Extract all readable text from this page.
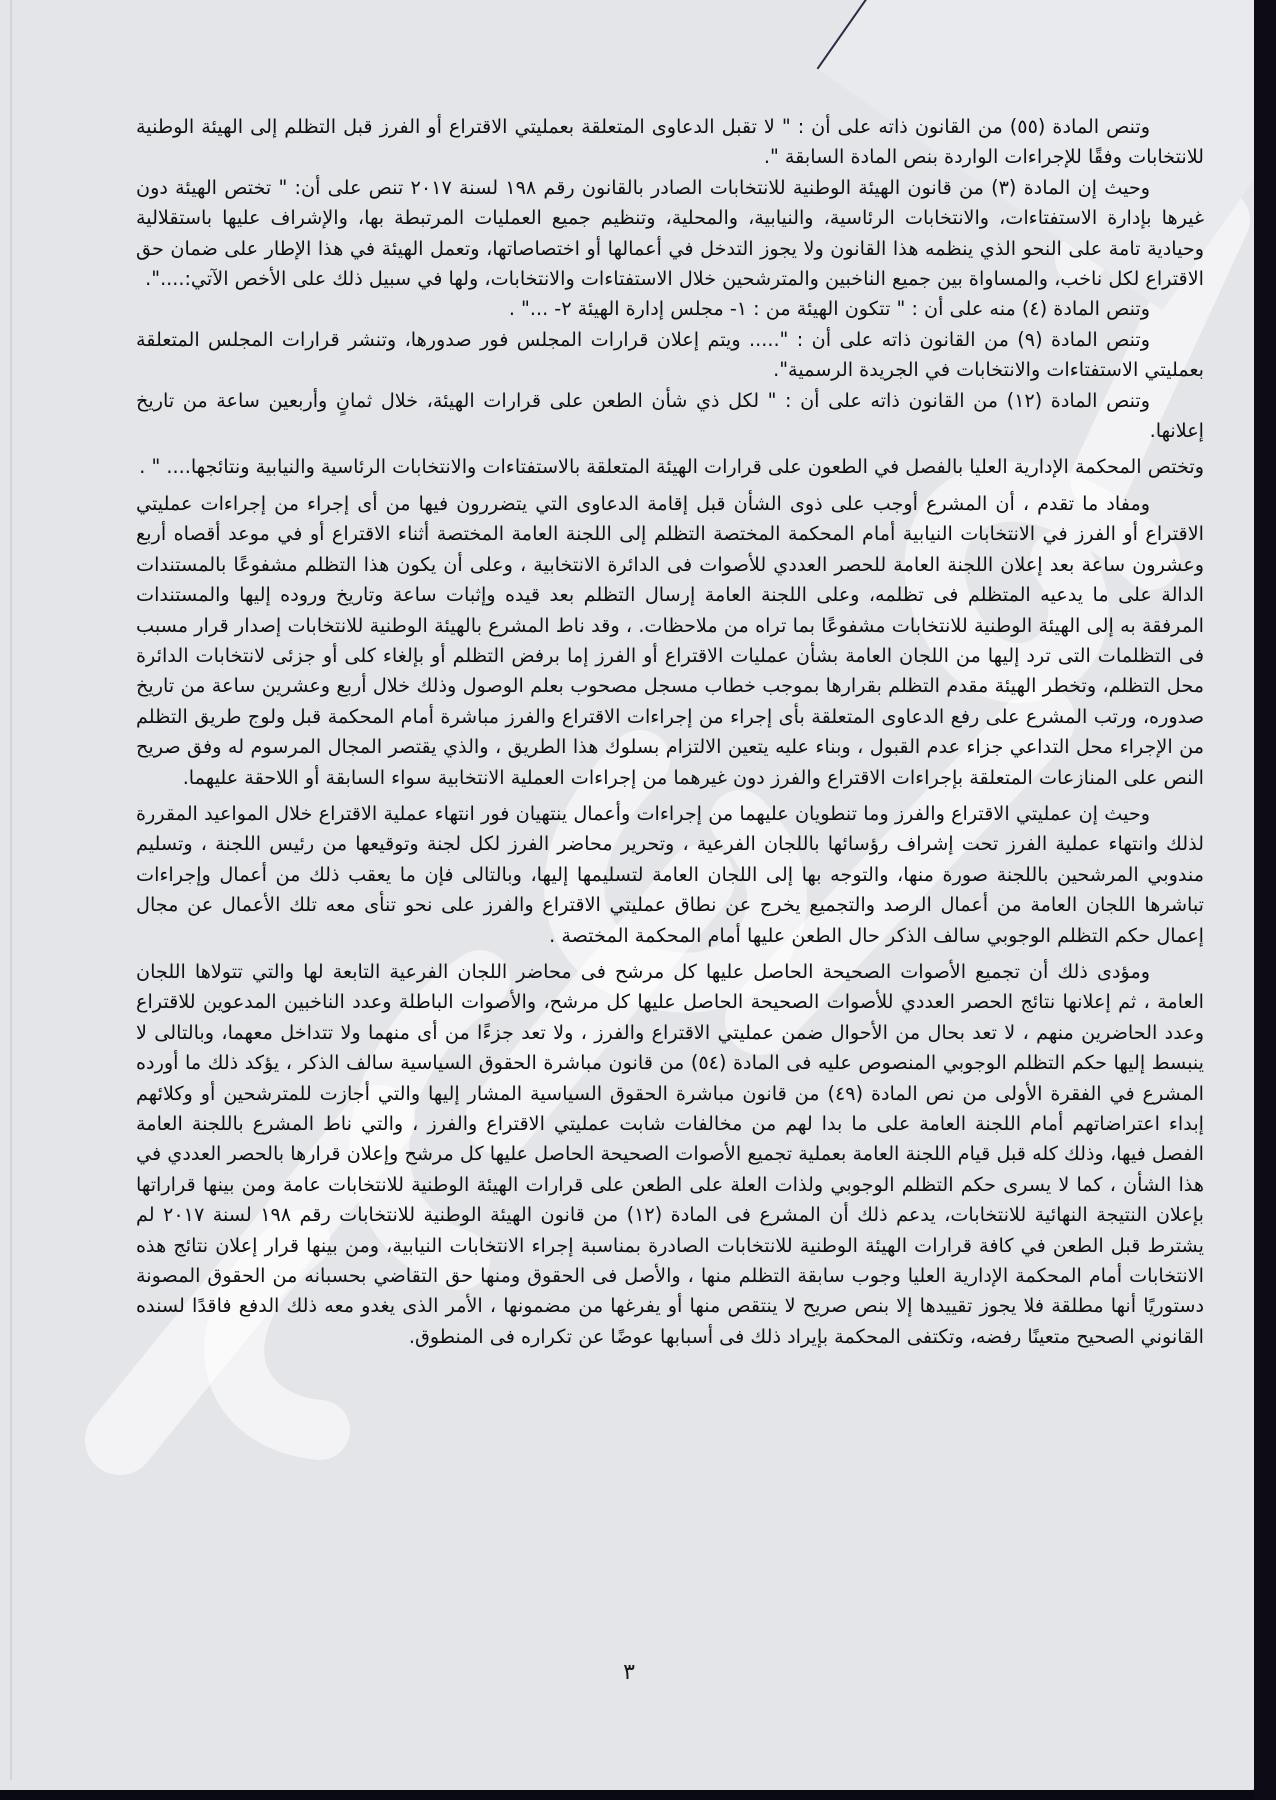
وتنص المادة (٥٥) من القانون ذاته على أن : " لا تقبل الدعاوى المتعلقة بعمليتي الاقتراع أو الفرز قبل التظلم إلى الهيئة الوطنية للانتخابات وفقًا للإجراءات الواردة بنص المادة السابقة ".

وحيث إن المادة (٣) من قانون الهيئة الوطنية للانتخابات الصادر بالقانون رقم ١٩٨ لسنة ٢٠١٧ تنص على أن: " تختص الهيئة دون غيرها بإدارة الاستفتاءات، والانتخابات الرئاسية، والنيابية، والمحلية، وتنظيم جميع العمليات المرتبطة بها، والإشراف عليها باستقلالية وحيادية تامة على النحو الذي ينظمه هذا القانون ولا يجوز التدخل في أعمالها أو اختصاصاتها، وتعمل الهيئة في هذا الإطار على ضمان حق الاقتراع لكل ناخب، والمساواة بين جميع الناخبين والمترشحين خلال الاستفتاءات والانتخابات، ولها في سبيل ذلك على الأخص الآتي:....".

وتنص المادة (٤) منه على أن : " تتكون الهيئة من : ١- مجلس إدارة الهيئة ٢- ..." .

وتنص المادة (٩) من القانون ذاته على أن : "..... ويتم إعلان قرارات المجلس فور صدورها، وتنشر قرارات المجلس المتعلقة بعمليتي الاستفتاءات والانتخابات في الجريدة الرسمية".

وتنص المادة (١٢) من القانون ذاته على أن : " لكل ذي شأن الطعن على قرارات الهيئة، خلال ثمانٍ وأربعين ساعة من تاريخ إعلانها.

وتختص المحكمة الإدارية العليا بالفصل في الطعون على قرارات الهيئة المتعلقة بالاستفتاءات والانتخابات الرئاسية والنيابية ونتائجها.... " .

ومفاد ما تقدم ، أن المشرع أوجب على ذوى الشأن قبل إقامة الدعاوى التي يتضررون فيها من أى إجراء من إجراءات عمليتي الاقتراع أو الفرز في الانتخابات النيابية أمام المحكمة المختصة التظلم إلى اللجنة العامة المختصة أثناء الاقتراع أو في موعد أقصاه أربع وعشرون ساعة بعد إعلان اللجنة العامة للحصر العددي للأصوات فى الدائرة الانتخابية ، وعلى أن يكون هذا التظلم مشفوعًا بالمستندات الدالة على ما يدعيه المتظلم فى تظلمه، وعلى اللجنة العامة إرسال التظلم بعد قيده وإثبات ساعة وتاريخ وروده إليها والمستندات المرفقة به إلى الهيئة الوطنية للانتخابات مشفوعًا بما تراه من ملاحظات. ، وقد ناط المشرع بالهيئة الوطنية للانتخابات إصدار قرار مسبب فى التظلمات التى ترد إليها من اللجان العامة بشأن عمليات الاقتراع أو الفرز إما برفض التظلم أو بإلغاء كلى أو جزئى لانتخابات الدائرة محل التظلم، وتخطر الهيئة مقدم التظلم بقرارها بموجب خطاب مسجل مصحوب بعلم الوصول وذلك خلال أربع وعشرين ساعة من تاريخ صدوره، ورتب المشرع على رفع الدعاوى المتعلقة بأى إجراء من إجراءات الاقتراع والفرز مباشرة أمام المحكمة قبل ولوج طريق التظلم من الإجراء محل التداعي جزاء عدم القبول ، وبناء عليه يتعين الالتزام بسلوك هذا الطريق ، والذي يقتصر المجال المرسوم له وفق صريح النص على المنازعات المتعلقة بإجراءات الاقتراع والفرز دون غيرهما من إجراءات العملية الانتخابية سواء السابقة أو اللاحقة عليهما.

وحيث إن عمليتي الاقتراع والفرز وما تنطويان عليهما من إجراءات وأعمال ينتهيان فور انتهاء عملية الاقتراع خلال المواعيد المقررة لذلك وانتهاء عملية الفرز تحت إشراف رؤسائها باللجان الفرعية ، وتحرير محاضر الفرز لكل لجنة وتوقيعها من رئيس اللجنة ، وتسليم مندوبي المرشحين باللجنة صورة منها، والتوجه بها إلى اللجان العامة لتسليمها إليها، وبالتالى فإن ما يعقب ذلك من أعمال وإجراءات تباشرها اللجان العامة من أعمال الرصد والتجميع يخرج عن نطاق عمليتي الاقتراع والفرز على نحو تنأى معه تلك الأعمال عن مجال إعمال حكم التظلم الوجوبي سالف الذكر حال الطعن عليها أمام المحكمة المختصة .

ومؤدى ذلك أن تجميع الأصوات الصحيحة الحاصل عليها كل مرشح فى محاضر اللجان الفرعية التابعة لها والتي تتولاها اللجان العامة ، ثم إعلانها نتائج الحصر العددي للأصوات الصحيحة الحاصل عليها كل مرشح، والأصوات الباطلة وعدد الناخبين المدعوين للاقتراع وعدد الحاضرين منهم ، لا تعد بحال من الأحوال ضمن عمليتي الاقتراع والفرز ، ولا تعد جزءًا من أى منهما ولا تتداخل معهما، وبالتالى لا ينبسط إليها حكم التظلم الوجوبي المنصوص عليه فى المادة (٥٤) من قانون مباشرة الحقوق السياسية سالف الذكر ، يؤكد ذلك ما أورده المشرع في الفقرة الأولى من نص المادة (٤٩) من قانون مباشرة الحقوق السياسية المشار إليها والتي أجازت للمترشحين أو وكلائهم إبداء اعتراضاتهم أمام اللجنة العامة على ما بدا لهم من مخالفات شابت عمليتي الاقتراع والفرز ، والتي ناط المشرع باللجنة العامة الفصل فيها، وذلك كله قبل قيام اللجنة العامة بعملية تجميع الأصوات الصحيحة الحاصل عليها كل مرشح وإعلان قرارها بالحصر العددي في هذا الشأن ، كما لا يسرى حكم التظلم الوجوبي ولذات العلة على الطعن على قرارات الهيئة الوطنية للانتخابات عامة ومن بينها قراراتها بإعلان النتيجة النهائية للانتخابات، يدعم ذلك أن المشرع فى المادة (١٢) من قانون الهيئة الوطنية للانتخابات رقم ١٩٨ لسنة ٢٠١٧ لم يشترط قبل الطعن في كافة قرارات الهيئة الوطنية للانتخابات الصادرة بمناسبة إجراء الانتخابات النيابية، ومن بينها قرار إعلان نتائج هذه الانتخابات أمام المحكمة الإدارية العليا وجوب سابقة التظلم منها ، والأصل فى الحقوق ومنها حق التقاضي بحسبانه من الحقوق المصونة دستوريًا أنها مطلقة فلا يجوز تقييدها إلا بنص صريح لا ينتقص منها أو يفرغها من مضمونها ، الأمر الذى يغدو معه ذلك الدفع فاقدًا لسنده القانوني الصحيح متعينًا رفضه، وتكتفى المحكمة بإيراد ذلك فى أسبابها عوضًا عن تكراره فى المنطوق.

٣
